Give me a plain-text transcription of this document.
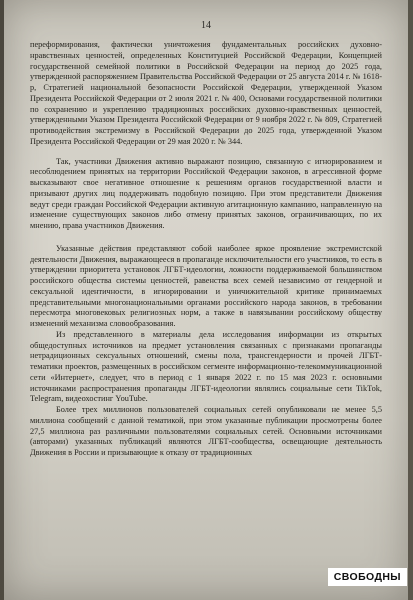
14

переформирования, фактически уничтожения фундаментальных российских духовно-нравственных ценностей, определенных Конституцией Российской Федерации, Концепцией государственной семейной политики в Российской Федерации на период до 2025 года, утвержденной распоряжением Правительства Российской Федерации от 25 августа 2014 г. № 1618-р, Стратегией национальной безопасности Российской Федерации, утвержденной Указом Президента Российской Федерации от 2 июля 2021 г. № 400, Основами государственной политики по сохранению и укреплению традиционных российских духовно-нравственных ценностей, утвержденными Указом Президента Российской Федерации от 9 ноября 2022 г. № 809, Стратегией противодействия экстремизму в Российской Федерации до 2025 года, утвержденной Указом Президента Российской Федерации от 29 мая 2020 г. № 344.

Так, участники Движения активно выражают позицию, связанную с игнорированием и несоблюдением принятых на территории Российской Федерации законов, в агрессивной форме высказывают свое негативное отношение к решениям органов государственной власти и призывают других лиц поддерживать подобную позицию. При этом представители Движения ведут среди граждан Российской Федерации активную агитационную кампанию, направленную на изменение существующих законов либо отмену принятых законов, ограничивающих, по их мнению, права участников Движения.

Указанные действия представляют собой наиболее яркое проявление экстремистской деятельности Движения, выражающееся в пропаганде исключительности его участников, то есть в утверждении приоритета установок ЛГБТ-идеологии, ложности поддерживаемой большинством российского общества системы ценностей, равенства всех семей независимо от гендерной и сексуальной идентичности, в игнорировании и уничижительной критике принимаемых представительными многонациональными органами российского народа законов, в требовании пересмотра многовековых религиозных норм, а также в навязывании российскому обществу изменений механизма словообразования.

Из представленного в материалы дела исследования информации из открытых общедоступных источников на предмет установления связанных с признаками пропаганды нетрадиционных сексуальных отношений, смены пола, трансгендерности и прочей ЛГБТ-тематики проектов, размещенных в российском сегменте информационно-телекоммуникационной сети «Интернет», следует, что в период с 1 января 2022 г. по 15 мая 2023 г. основными источниками распространения пропаганды ЛГБТ-идеологии являлись социальные сети TikTok, Telegram, видеохостинг YouTube.

Более трех миллионов пользователей социальных сетей опубликовали не менее 5,5 миллиона сообщений с данной тематикой, при этом указанные публикации просмотрены более 27,5 миллиона раз различными пользователями социальных сетей. Основными источниками (авторами) указанных публикаций являются ЛГБТ-сообщества, освещающие деятельность Движения в России и призывающие к отказу от традиционных

СВОБОДНЫ
